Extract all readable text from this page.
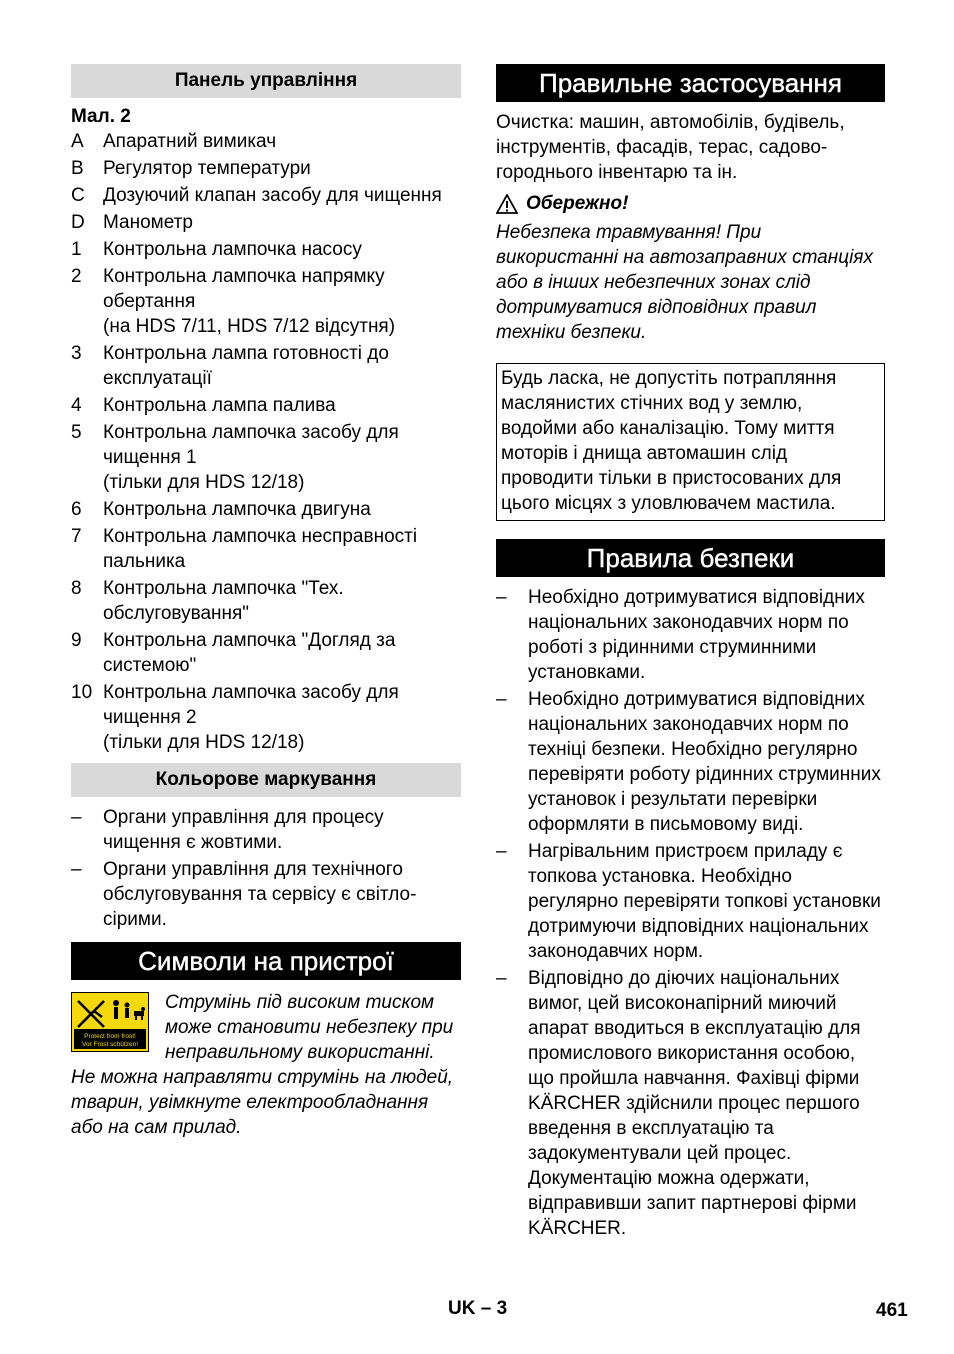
Панель управління
Мал. 2
A	Апаратний вимикач
B	Регулятор температури
C Дозуючий клапан засобу для чищення
D Манометр
1	Контрольна лампочка насосу
2	Контрольна лампочка напрямку обертання
(на HDS 7/11, HDS 7/12 відсутня)
3	Контрольна лампа готовності до експлуатації
4	Контрольна лампа палива
5	Контрольна лампочка засобу для чищення 1
(тільки для HDS 12/18)
6	Контрольна лампочка двигуна
7	Контрольна лампочка несправності пальника
8	Контрольна лампочка "Тех. обслуговування"
9	Контрольна лампочка "Догляд за системою"
10 Контрольна лампочка засобу для чищення 2
(тільки для HDS 12/18)
Кольорове маркування
–	Органи управління для процесу чищення є жовтими.
–	Органи управління для технічного обслуговування та сервісу є світло-сірими.
Символи на пристрої
Protect from frost!
Vor Frost schützen!

Струмінь під високим тиском може становити небезпеку при неправильному використанні. Не можна направляти струмінь на людей, тварин, увімкнуте електрообладнання або на сам прилад.

Правильне застосування

Очистка: машин, автомобілів, будівель, інструментів, фасадів, терас, садово-городнього інвентарю та ін.

Обережно!

Небезпека травмування! При використанні на автозаправних станціях або в інших небезпечних зонах слід дотримуватися відповідних правил техніки безпеки.

Будь ласка, не допустіть потрапляння маслянистих стічних вод у землю, водойми або каналізацію. Тому миття моторів і днища автомашин слід проводити тільки в пристосованих для цього місцях з уловлювачем мастила.

Правила безпеки
–	Необхідно дотримуватися відповідних національних законодавчих норм по роботі з рідинними струминними установками.
–	Необхідно дотримуватися відповідних національних законодавчих норм по техніці безпеки. Необхідно регулярно перевіряти роботу рідинних струминних установок і результати перевірки оформляти в письмовому виді.
–	Нагрівальним пристроєм приладу є топкова установка. Необхідно регулярно перевіряти топкові установки дотримуючи відповідних національних законодавчих норм.
–	Відповідно до діючих національних вимог, цей високонапірний миючий апарат вводиться в експлуатацію для промислового використання особою, що пройшла навчання. Фахівці фірми KÄRCHER здійснили процес першого введення в експлуатацію та задокументували цей процес. Документацію можна одержати, відправивши запит партнерові фірми KÄRCHER.
UK – 3	461
